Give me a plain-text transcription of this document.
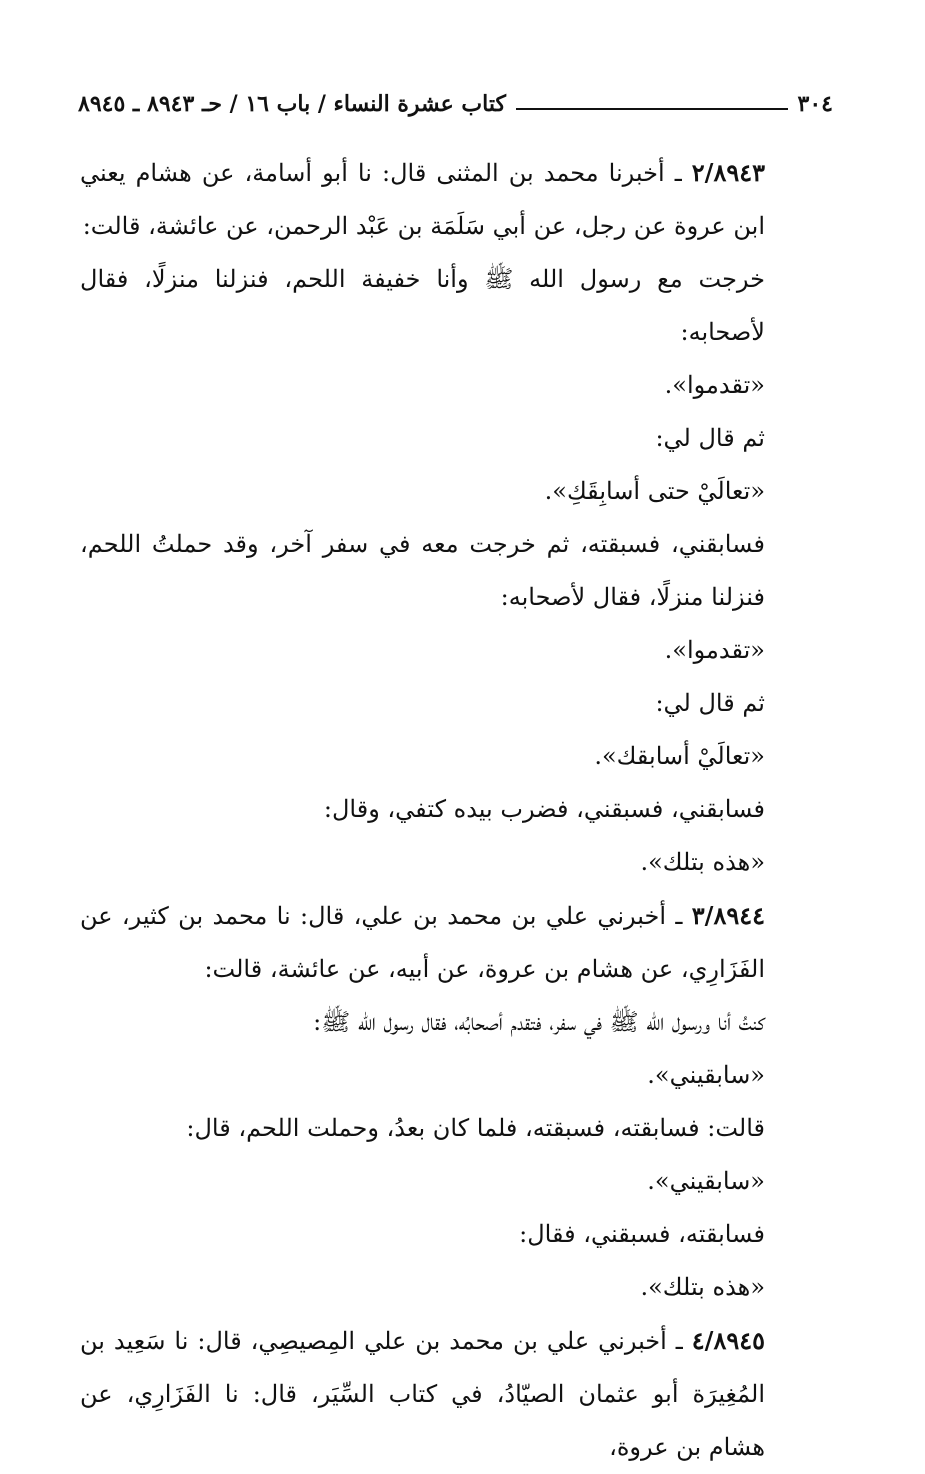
٣٠٤
كتاب عشرة النساء / باب ١٦ / حـ ٨٩٤٣ ـ ٨٩٤٥

٢/٨٩٤٣ ـ أخبرنا محمد بن المثنى قال: نا أبو أسامة، عن هشام يعني ابن عروة عن رجل، عن أبي سَلَمَة بن عَبْد الرحمن، عن عائشة، قالت:

خرجت مع رسول الله ﷺ وأنا خفيفة اللحم، فنزلنا منزلًا، فقال لأصحابه:

«تقدموا».

ثم قال لي:

«تعالَيْ حتى أسابِقَكِ».

فسابقني، فسبقته، ثم خرجت معه في سفر آخر، وقد حملتُ اللحم، فنزلنا منزلًا، فقال لأصحابه:

«تقدموا».

ثم قال لي:

«تعالَيْ أسابقك».

فسابقني، فسبقني، فضرب بيده كتفي، وقال:

«هذه بتلك».

٣/٨٩٤٤ ـ أخبرني علي بن محمد بن علي، قال: نا محمد بن كثير، عن الفَزَارِي، عن هشام بن عروة، عن أبيه، عن عائشة، قالت:

كنتُ أنا ورسول الله ﷺ في سفر، فتقدم أصحابُه، فقال رسول الله ﷺ:

«سابقيني».

قالت: فسابقته، فسبقته، فلما كان بعدُ، وحملت اللحم، قال:

«سابقيني».

فسابقته، فسبقني، فقال:

«هذه بتلك».

٤/٨٩٤٥ ـ أخبرني علي بن محمد بن علي المِصيصِي، قال: نا سَعِيد بن المُغِيرَة أبو عثمان الصيّادُ، في كتاب السِّيَر، قال: نا الفَزَارِي، عن هشام بن عروة،
